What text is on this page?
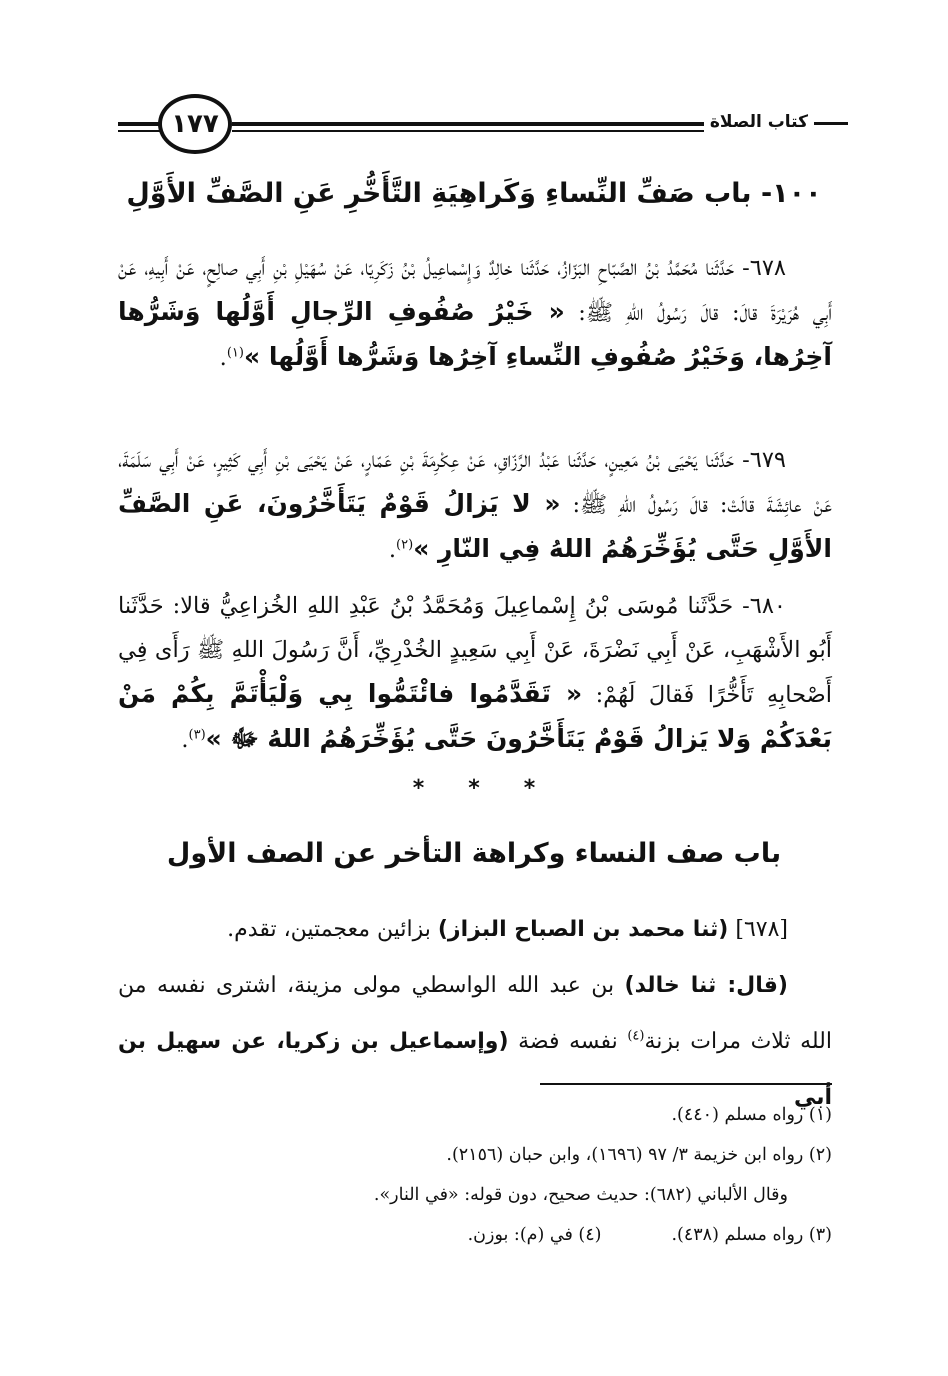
١٧٧	كتاب الصلاة
١٠٠- باب صَفِّ النِّساءِ وَكَراهِيَةِ التَّأَخُّرِ عَنِ الصَّفِّ الأَوَّلِ

٦٧٨- حَدَّثَنا مُحَمَّدُ بْنُ الصَّبّاحِ البَزّازُ، حَدَّثَنا خالِدٌ وَإِسْماعِيلُ بْنُ زَكَرِيّا، عَنْ سُهَيْلِ بْنِ أَبِي صالِحٍ، عَنْ أَبِيهِ، عَنْ أَبِي هُرَيْرَةَ قالَ: قالَ رَسُولُ اللهِ ﷺ: « خَيْرُ صُفُوفِ الرِّجالِ أَوَّلُها وَشَرُّها آخِرُها، وَخَيْرُ صُفُوفِ النِّساءِ آخِرُها وَشَرُّها أَوَّلُها »$^{(١)}$.

٦٧٩- حَدَّثَنا يَحْيَى بْنُ مَعِينٍ، حَدَّثَنا عَبْدُ الرَّزّاقِ، عَنْ عِكْرِمَةَ بْنِ عَمّارٍ، عَنْ يَحْيَى بْنِ أَبِي كَثِيرٍ، عَنْ أَبِي سَلَمَةَ، عَنْ عائِشَةَ قالَتْ: قالَ رَسُولُ اللهِ ﷺ: « لا يَزالُ قَوْمٌ يَتَأَخَّرُونَ، عَنِ الصَّفِّ الأَوَّلِ حَتَّى يُؤَخِّرَهُمُ اللهُ فِي النّارِ »$^{(٢)}$.

٦٨٠- حَدَّثَنا مُوسَى بْنُ إِسْماعِيلَ وَمُحَمَّدُ بْنُ عَبْدِ اللهِ الخُزاعِيُّ قالا: حَدَّثَنا أَبُو الأَشْهَبِ، عَنْ أَبِي نَضْرَةَ، عَنْ أَبِي سَعِيدٍ الخُدْرِيِّ، أَنَّ رَسُولَ اللهِ ﷺ رَأَى فِي أَصْحابِهِ تَأَخُّرًا فَقالَ لَهُمْ: « تَقَدَّمُوا فائْتَمُّوا بِي وَلْيَأْتَمَّ بِكُمْ مَنْ بَعْدَكُمْ وَلا يَزالُ قَوْمٌ يَتَأَخَّرُونَ حَتَّى يُؤَخِّرَهُمُ اللهُ ﷻ »$^{(٣)}$.

* * *
باب صف النساء وكراهة التأخر عن الصف الأول

[٦٧٨] (ثنا محمد بن الصباح البزاز) بزائين معجمتين، تقدم.

(قال: ثنا خالد) بن عبد الله الواسطي مولى مزينة، اشترى نفسه من الله ثلاث مرات بزنة$^{(٤)}$ نفسه فضة (وإسماعيل بن زكريا، عن سهيل بن أبي

(١) رواه مسلم (٤٤٠).
(٢) رواه ابن خزيمة ٣/ ٩٧ (١٦٩٦)، وابن حبان (٢١٥٦).
وقال الألباني (٦٨٢): حديث صحيح، دون قوله: «في النار».
(٣) رواه مسلم (٤٣٨).(٤) في (م): بوزن.
